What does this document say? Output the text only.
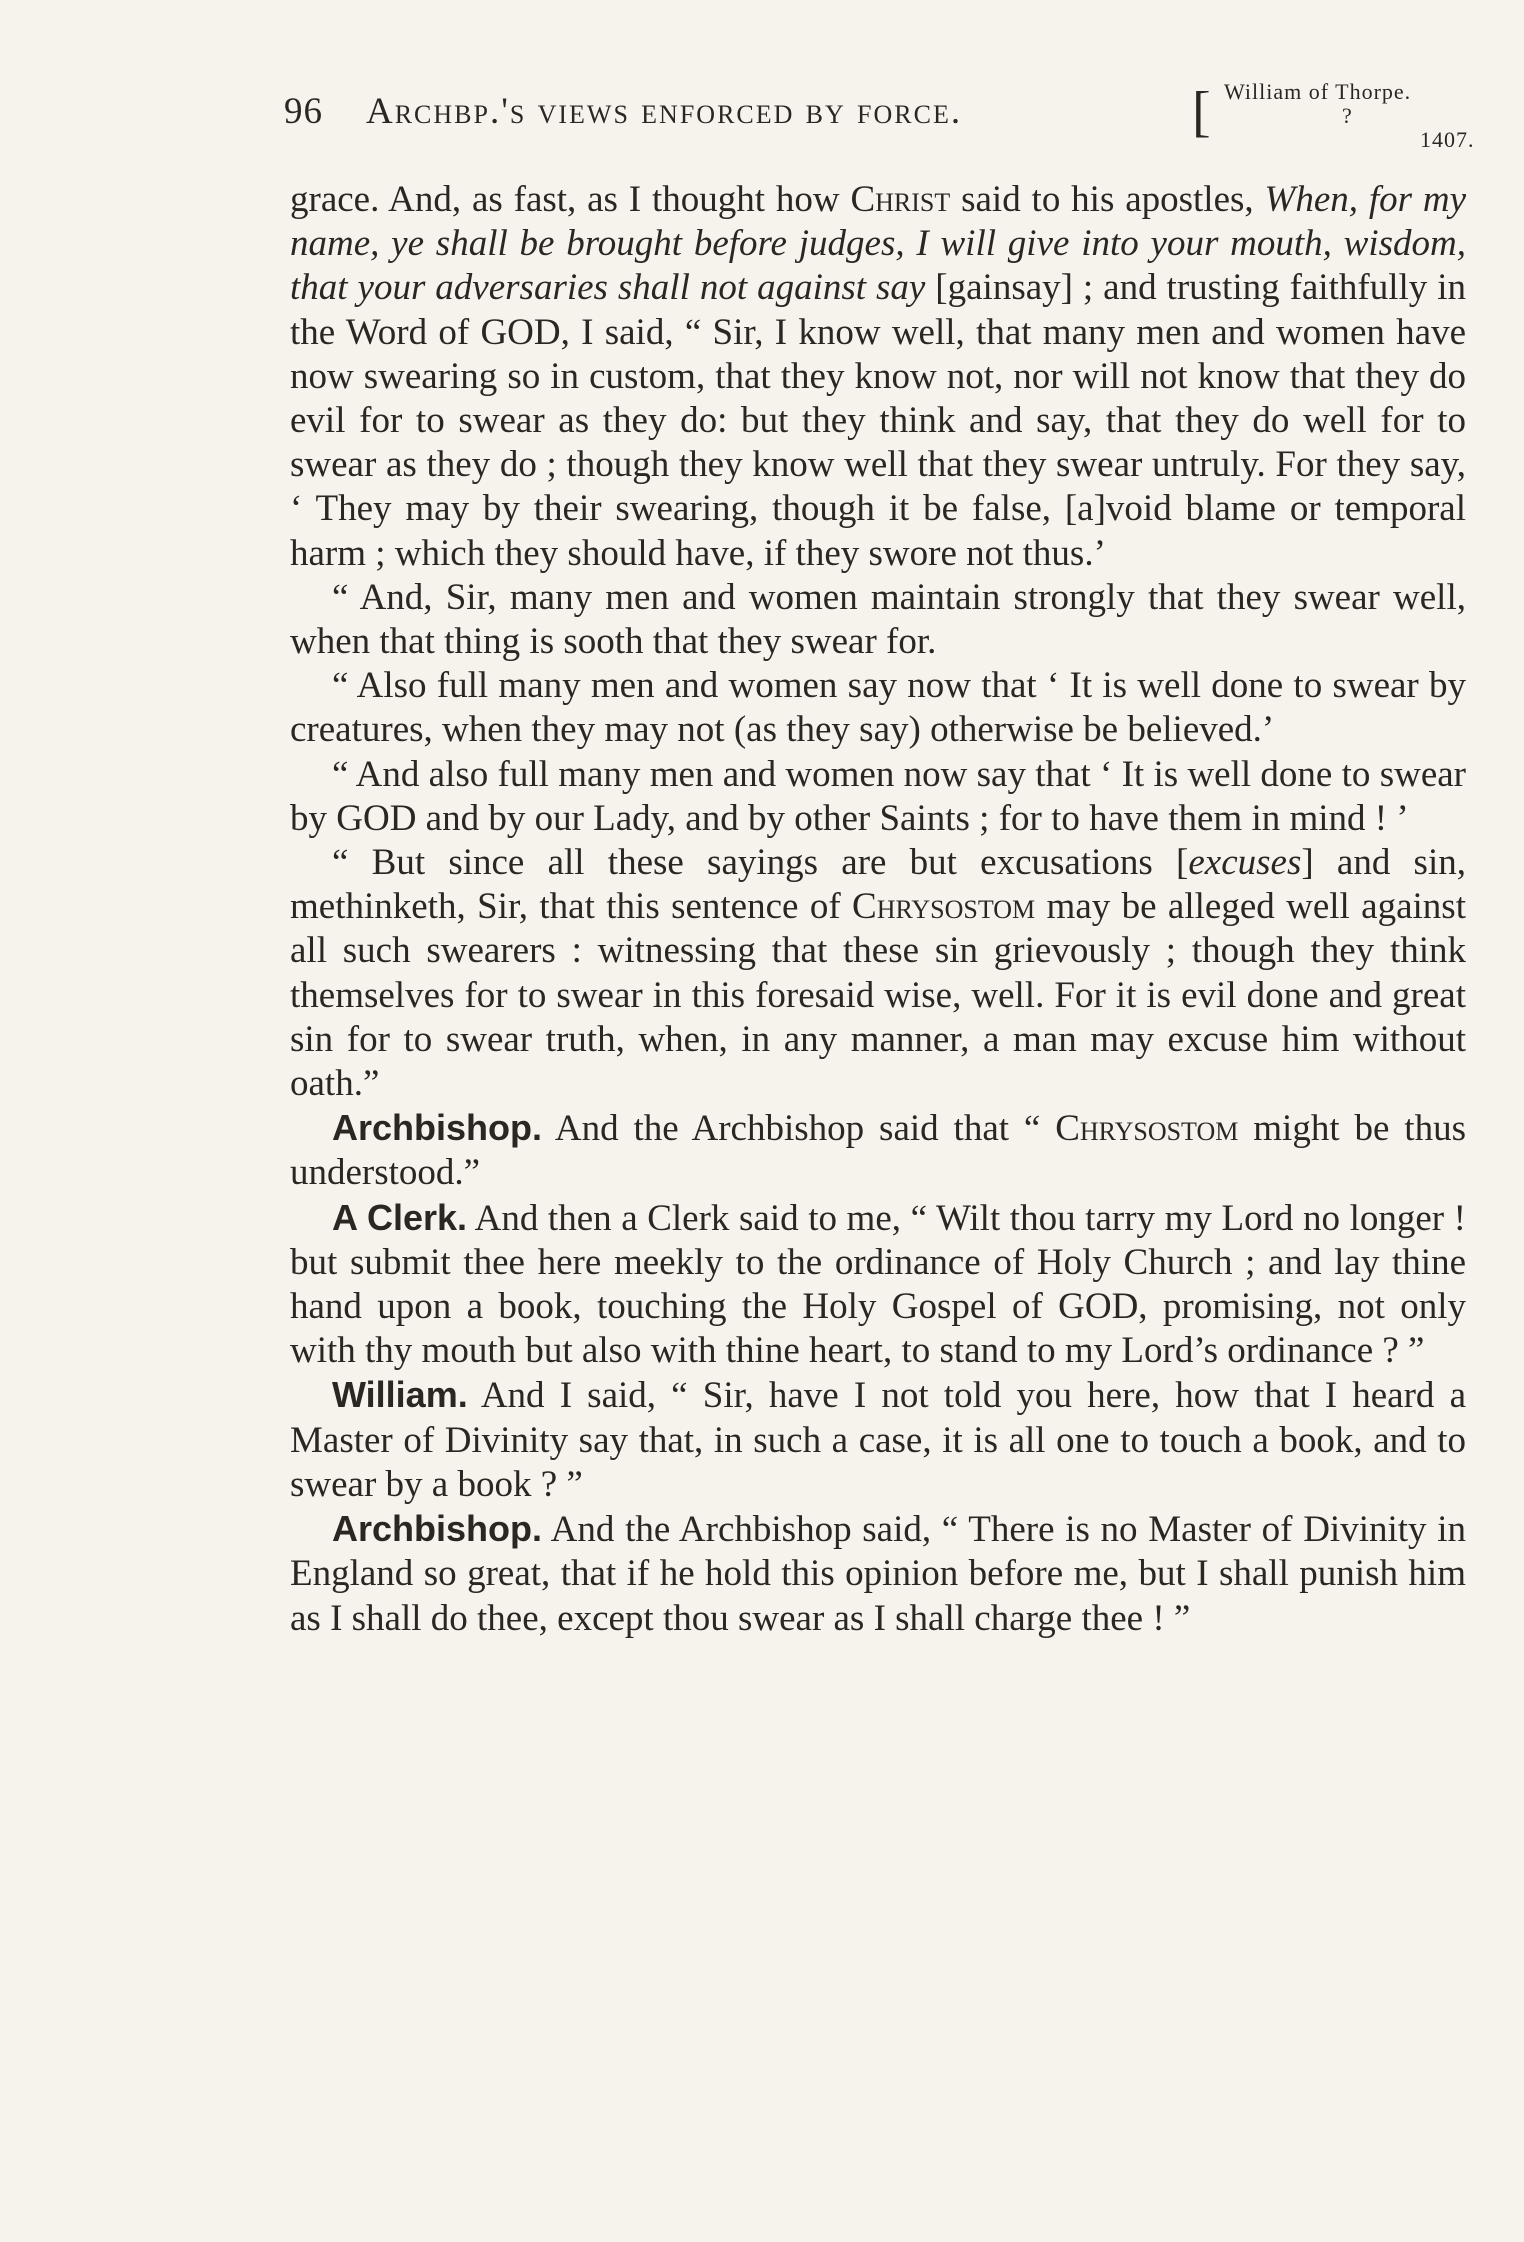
96 Archbp.'s views enforced by force.	[ William of Thorpe.
?1407.

grace. And, as fast, as I thought how Christ said to his apostles, When, for my name, ye shall be brought before judges, I will give into your mouth, wisdom, that your adversaries shall not against say [gainsay] ; and trusting faithfully in the Word of GOD, I said, “ Sir, I know well, that many men and women have now swearing so in custom, that they know not, nor will not know that they do evil for to swear as they do: but they think and say, that they do well for to swear as they do ; though they know well that they swear untruly. For they say, ‘ They may by their swearing, though it be false, [a]void blame or temporal harm ; which they should have, if they swore not thus.’

“ And, Sir, many men and women maintain strongly that they swear well, when that thing is sooth that they swear for.

“ Also full many men and women say now that ‘ It is well done to swear by creatures, when they may not (as they say) otherwise be believed.’

“ And also full many men and women now say that ‘ It is well done to swear by GOD and by our Lady, and by other Saints ; for to have them in mind ! ’

“ But since all these sayings are but excusations [excuses] and sin, methinketh, Sir, that this sentence of Chrysostom may be alleged well against all such swearers : witnessing that these sin grievously ; though they think themselves for to swear in this foresaid wise, well. For it is evil done and great sin for to swear truth, when, in any manner, a man may excuse him without oath.”

Archbishop. And the Archbishop said that “ Chrysostom might be thus understood.”

A Clerk. And then a Clerk said to me, “ Wilt thou tarry my Lord no longer ! but submit thee here meekly to the ordinance of Holy Church ; and lay thine hand upon a book, touching the Holy Gospel of GOD, promising, not only with thy mouth but also with thine heart, to stand to my Lord’s ordinance ? ”

William. And I said, “ Sir, have I not told you here, how that I heard a Master of Divinity say that, in such a case, it is all one to touch a book, and to swear by a book ? ”

Archbishop. And the Archbishop said, “ There is no Master of Divinity in England so great, that if he hold this opinion before me, but I shall punish him as I shall do thee, except thou swear as I shall charge thee ! ”
